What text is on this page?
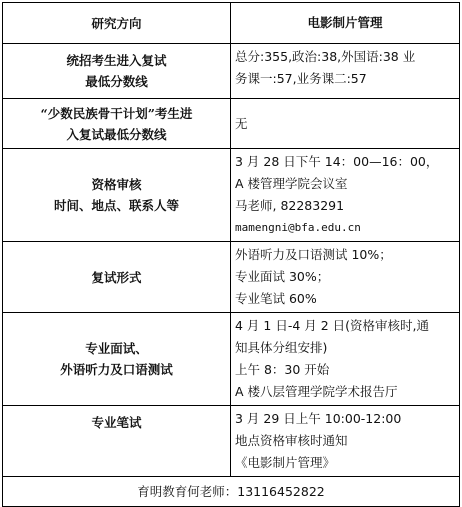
研究方向	电影制片管理

统招考生进入复试
最低分数线	总分:355,政治:38,外国语:38 业
务课一:57,业务课二:57

“少数民族骨干计划”考生进
入复试最低分数线	无

资格审核
时间、地点、联系人等	3 月 28 日下午 14：00—16：00，
A 楼管理学院会议室
马老师, 82283291
mamengni@bfa.edu.cn

复试形式	外语听力及口语测试 10%；
专业面试 30%；
专业笔试 60%

专业面试、
外语听力及口语测试	4 月 1 日-4 月 2 日(资格审核时,通
知具体分组安排)
上午 8：30 开始
A 楼八层管理学院学术报告厅

专业笔试	3 月 29 日上午 10:00-12:00
地点资格审核时通知
《电影制片管理》

育明教育何老师：13116452822	
